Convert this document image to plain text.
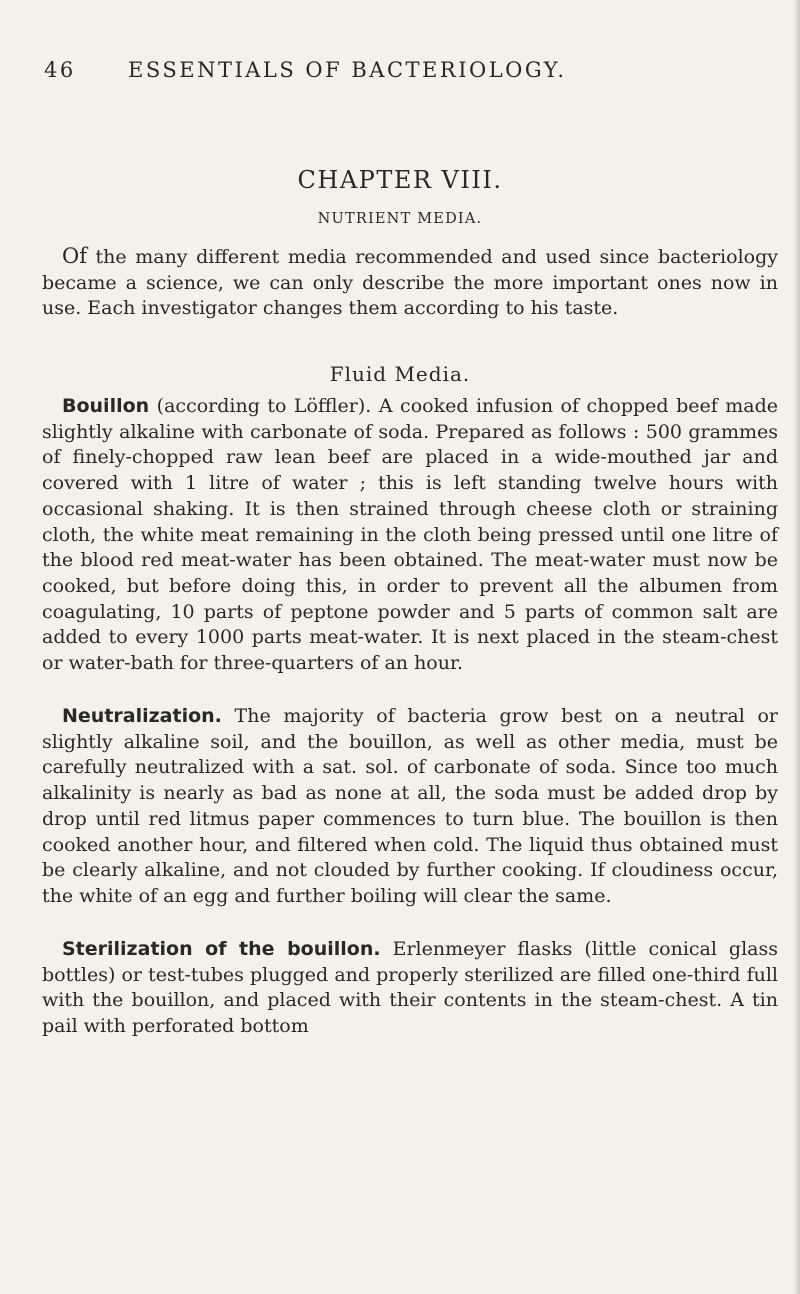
46 ESSENTIALS OF BACTERIOLOGY.
CHAPTER VIII.
NUTRIENT MEDIA.

Of the many different media recommended and used since bacteriology became a science, we can only describe the more important ones now in use. Each investigator changes them according to his taste.

Fluid Media.

Bouillon (according to Löffler). A cooked infusion of chopped beef made slightly alkaline with carbonate of soda. Prepared as follows : 500 grammes of finely-chopped raw lean beef are placed in a wide-mouthed jar and covered with 1 litre of water ; this is left standing twelve hours with occasional shaking. It is then strained through cheese cloth or straining cloth, the white meat remaining in the cloth being pressed until one litre of the blood red meat-water has been obtained. The meat-water must now be cooked, but before doing this, in order to prevent all the albumen from coagulating, 10 parts of peptone powder and 5 parts of common salt are added to every 1000 parts meat-water. It is next placed in the steam-chest or water-bath for three-quarters of an hour.

Neutralization. The majority of bacteria grow best on a neutral or slightly alkaline soil, and the bouillon, as well as other media, must be carefully neutralized with a sat. sol. of carbonate of soda. Since too much alkalinity is nearly as bad as none at all, the soda must be added drop by drop until red litmus paper commences to turn blue. The bouillon is then cooked another hour, and filtered when cold. The liquid thus obtained must be clearly alkaline, and not clouded by further cooking. If cloudiness occur, the white of an egg and further boiling will clear the same.

Sterilization of the bouillon. Erlenmeyer flasks (little conical glass bottles) or test-tubes plugged and properly sterilized are filled one-third full with the bouillon, and placed with their contents in the steam-chest. A tin pail with perforated bottom
